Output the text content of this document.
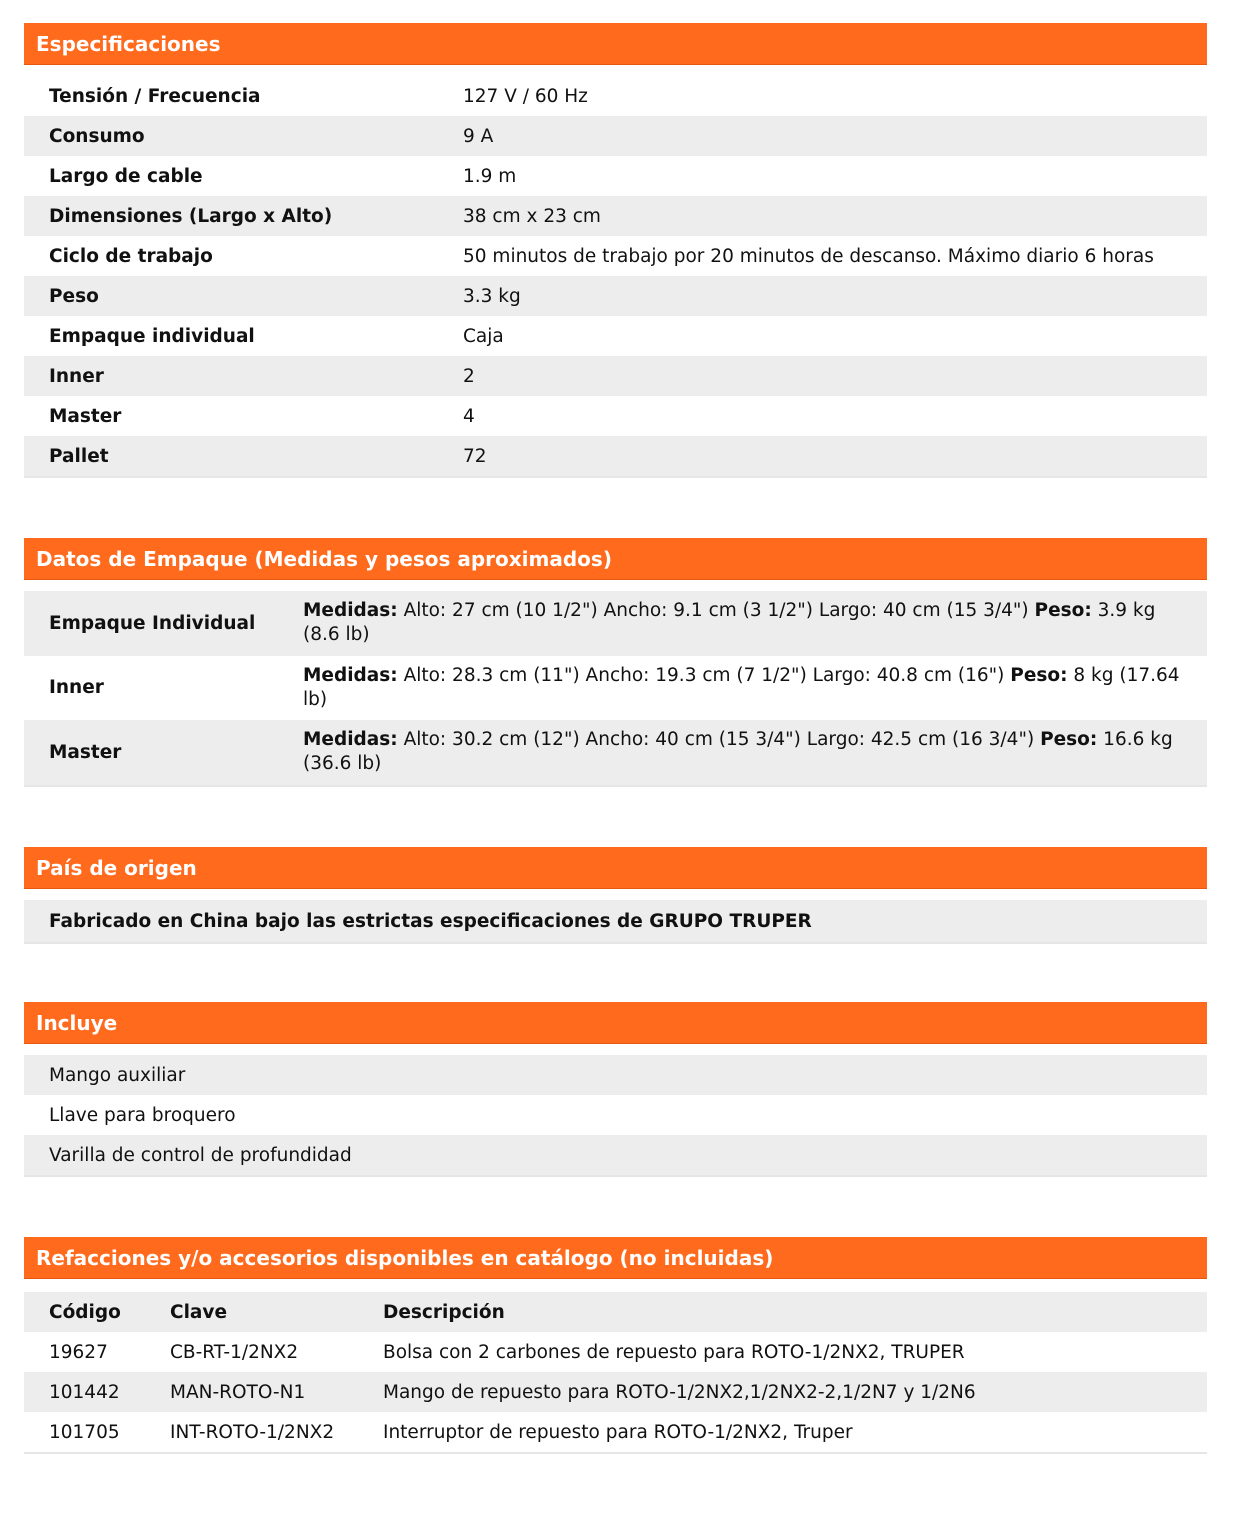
Especificaciones
Tensión / Frecuencia	127 V / 60 Hz
Consumo	9 A
Largo de cable	1.9 m
Dimensiones (Largo x Alto)	38 cm x 23 cm
Ciclo de trabajo	50 minutos de trabajo por 20 minutos de descanso. Máximo diario 6 horas
Peso	3.3 kg
Empaque individual	Caja
Inner	2
Master	4
Pallet	72
Datos de Empaque (Medidas y pesos aproximados)
Empaque Individual
Medidas: Alto: 27 cm (10 1/2") Ancho: 9.1 cm (3 1/2") Largo: 40 cm (15 3/4") Peso: 3.9 kg (8.6 lb)
Inner
Medidas: Alto: 28.3 cm (11") Ancho: 19.3 cm (7 1/2") Largo: 40.8 cm (16") Peso: 8 kg (17.64 lb)
Master
Medidas: Alto: 30.2 cm (12") Ancho: 40 cm (15 3/4") Largo: 42.5 cm (16 3/4") Peso: 16.6 kg (36.6 lb)
País de origen
Fabricado en China bajo las estrictas especificaciones de GRUPO TRUPER
Incluye
Mango auxiliar
Llave para broquero
Varilla de control de profundidad
Refacciones y/o accesorios disponibles en catálogo (no incluidas)
Código	Clave	Descripción
19627	CB-RT-1/2NX2	Bolsa con 2 carbones de repuesto para ROTO-1/2NX2, TRUPER
101442	MAN-ROTO-N1	Mango de repuesto para ROTO-1/2NX2,1/2NX2-2,1/2N7 y 1/2N6
101705	INT-ROTO-1/2NX2	Interruptor de repuesto para ROTO-1/2NX2, Truper
